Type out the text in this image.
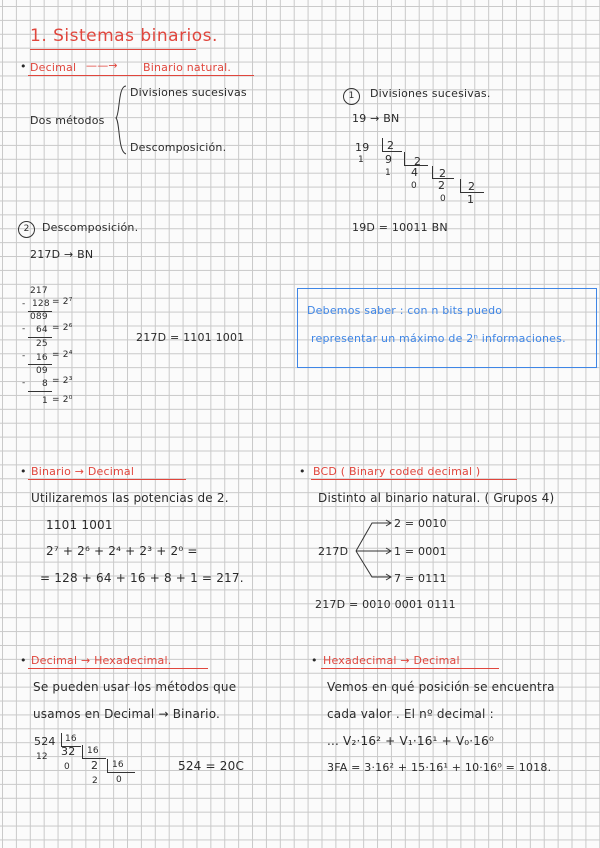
1. Sistemas binarios.
• Decimal ——→ Binario natural.
Dos métodos
Divisiones sucesivas
Descomposición.
1	Divisiones sucesivas.
19 → BN
19 2
1 9 2
1 4 2
0 2 2
0 1
19D = 10011 BN
2	Descomposición.
217D → BN
217
- 128 = 2⁷
089
- 64 = 2⁶
25
- 16 = 2⁴
09
- 8 = 2³
1 = 2⁰
217D = 1101 1001
Debemos saber : con n bits puedo
representar un máximo de 2ⁿ informaciones.
• Binario → Decimal
Utilizaremos las potencias de 2.
1101 1001
2⁷ + 2⁶ + 2⁴ + 2³ + 2⁰ =
= 128 + 64 + 16 + 8 + 1 = 217.
• BCD ( Binary coded decimal )
Distinto al binario natural. ( Grupos 4)
217D
2 = 0010
1 = 0001
7 = 0111
217D = 0010 0001 0111
• Decimal → Hexadecimal.
Se pueden usar los métodos que
usamos en Decimal → Binario.
524 16
12 32 16
0 2 16
2 0
524 = 20C
• Hexadecimal → Decimal
Vemos en qué posición se encuentra
cada valor . El nº decimal :
... V₂·16² + V₁·16¹ + V₀·16⁰
3FA = 3·16² + 15·16¹ + 10·16⁰ = 1018.
